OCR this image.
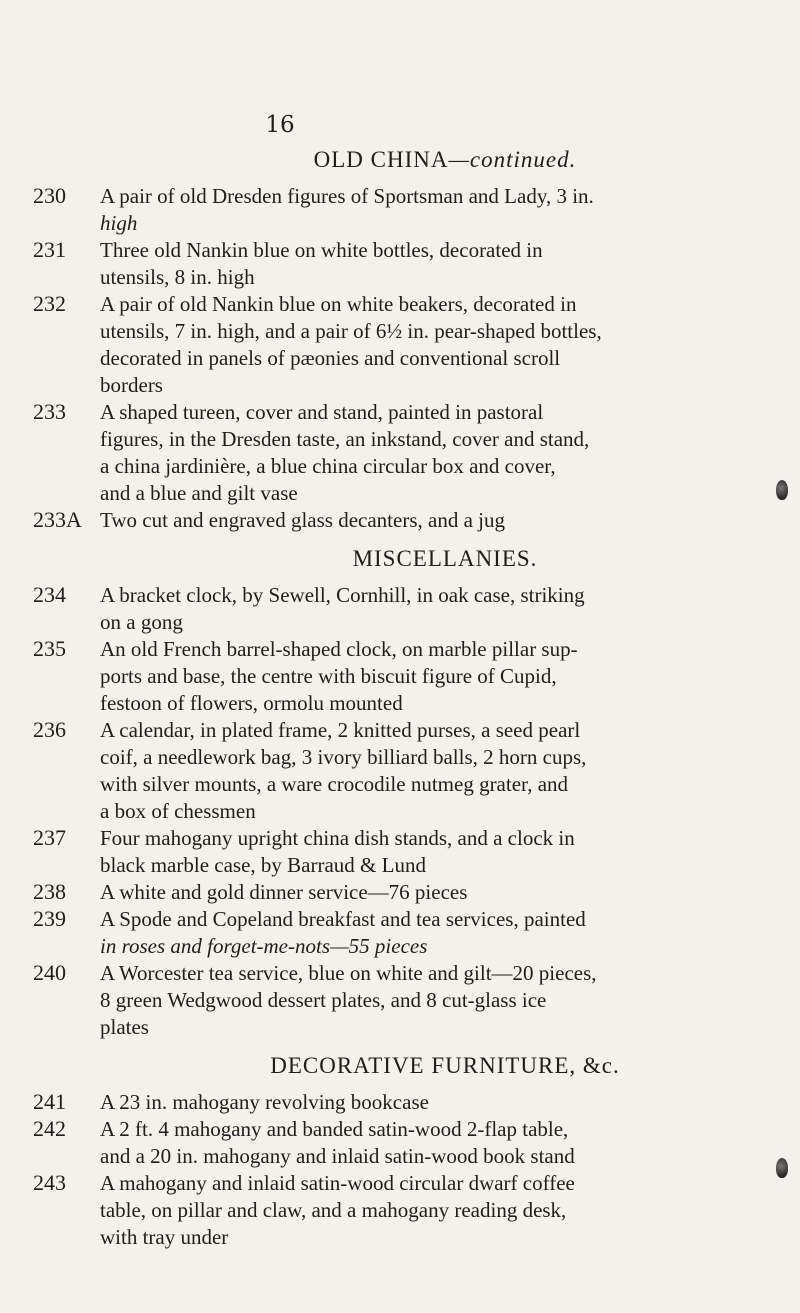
16
OLD CHINA—continued.
230 A pair of old Dresden figures of Sportsman and Lady, 3 in.
high
231 Three old Nankin blue on white bottles, decorated in
utensils, 8 in. high
232 A pair of old Nankin blue on white beakers, decorated in
utensils, 7 in. high, and a pair of 6½ in. pear-shaped bottles,
decorated in panels of pæonies and conventional scroll
borders
233 A shaped tureen, cover and stand, painted in pastoral
figures, in the Dresden taste, an inkstand, cover and stand,
a china jardinière, a blue china circular box and cover,
and a blue and gilt vase
233A Two cut and engraved glass decanters, and a jug
MISCELLANIES.
234 A bracket clock, by Sewell, Cornhill, in oak case, striking
on a gong
235 An old French barrel-shaped clock, on marble pillar sup-
ports and base, the centre with biscuit figure of Cupid,
festoon of flowers, ormolu mounted
236 A calendar, in plated frame, 2 knitted purses, a seed pearl
coif, a needlework bag, 3 ivory billiard balls, 2 horn cups,
with silver mounts, a ware crocodile nutmeg grater, and
a box of chessmen
237 Four mahogany upright china dish stands, and a clock in
black marble case, by Barraud & Lund
238 A white and gold dinner service—76 pieces
239 A Spode and Copeland breakfast and tea services, painted
in roses and forget-me-nots—55 pieces
240 A Worcester tea service, blue on white and gilt—20 pieces,
8 green Wedgwood dessert plates, and 8 cut-glass ice
plates
DECORATIVE FURNITURE, &c.
241 A 23 in. mahogany revolving bookcase
242 A 2 ft. 4 mahogany and banded satin-wood 2-flap table,
and a 20 in. mahogany and inlaid satin-wood book stand
243 A mahogany and inlaid satin-wood circular dwarf coffee
table, on pillar and claw, and a mahogany reading desk,
with tray under
